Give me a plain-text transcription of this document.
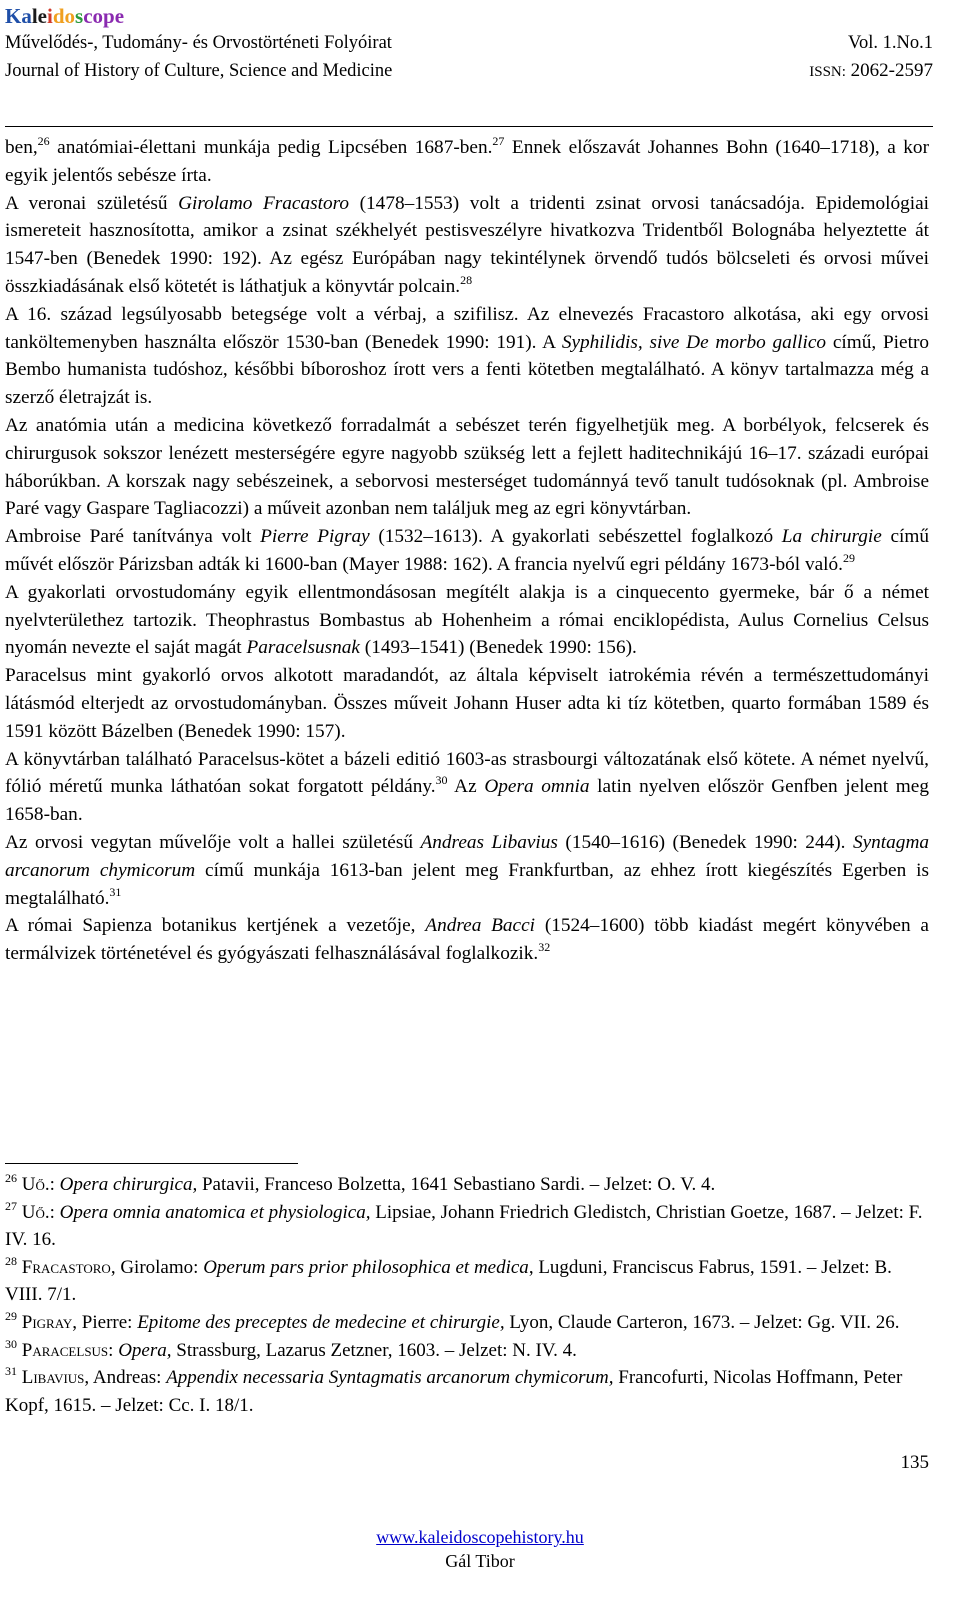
Kaleidoscope
Művelődés-, Tudomány- és Orvostörténeti Folyóirat	Vol. 1.No.1
Journal of History of Culture, Science and Medicine	ISSN: 2062-2597

ben,$^{26}$ anatómiai-élettani munkája pedig Lipcsében 1687-ben.$^{27}$ Ennek előszavát Johannes Bohn (1640–1718), a kor egyik jelentős sebésze írta.

A veronai születésű Girolamo Fracastoro (1478–1553) volt a tridenti zsinat orvosi tanácsadója. Epidemológiai ismereteit hasznosította, amikor a zsinat székhelyét pestisveszélyre hivatkozva Tridentből Bolognába helyeztette át 1547-ben (Benedek 1990: 192). Az egész Európában nagy tekintélynek örvendő tudós bölcseleti és orvosi művei összkiadásának első kötetét is láthatjuk a könyvtár polcain.$^{28}$

A 16. század legsúlyosabb betegsége volt a vérbaj, a szifilisz. Az elnevezés Fracastoro alkotása, aki egy orvosi tanköltemenyben használta először 1530-ban (Benedek 1990: 191). A Syphilidis, sive De morbo gallico című, Pietro Bembo humanista tudóshoz, későbbi bíboroshoz írott vers a fenti kötetben megtalálható. A könyv tartalmazza még a szerző életrajzát is.

Az anatómia után a medicina következő forradalmát a sebészet terén figyelhetjük meg. A borbélyok, felcserek és chirurgusok sokszor lenézett mesterségére egyre nagyobb szükség lett a fejlett haditechnikájú 16–17. századi európai háborúkban. A korszak nagy sebészeinek, a seborvosi mesterséget tudománnyá tevő tanult tudósoknak (pl. Ambroise Paré vagy Gaspare Tagliacozzi) a műveit azonban nem találjuk meg az egri könyvtárban.

Ambroise Paré tanítványa volt Pierre Pigray (1532–1613). A gyakorlati sebészettel foglalkozó La chirurgie című művét először Párizsban adták ki 1600-ban (Mayer 1988: 162). A francia nyelvű egri példány 1673-ból való.$^{29}$

A gyakorlati orvostudomány egyik ellentmondásosan megítélt alakja is a cinquecento gyermeke, bár ő a német nyelvterülethez tartozik. Theophrastus Bombastus ab Hohenheim a római enciklopédista, Aulus Cornelius Celsus nyomán nevezte el saját magát Paracelsusnak (1493–1541) (Benedek 1990: 156).

Paracelsus mint gyakorló orvos alkotott maradandót, az általa képviselt iatrokémia révén a természettudományi látásmód elterjedt az orvostudományban. Összes műveit Johann Huser adta ki tíz kötetben, quarto formában 1589 és 1591 között Bázelben (Benedek 1990: 157).

A könyvtárban található Paracelsus-kötet a bázeli editió 1603-as strasbourgi változatának első kötete. A német nyelvű, fólió méretű munka láthatóan sokat forgatott példány.$^{30}$ Az Opera omnia latin nyelven először Genfben jelent meg 1658-ban.

Az orvosi vegytan művelője volt a hallei születésű Andreas Libavius (1540–1616) (Benedek 1990: 244). Syntagma arcanorum chymicorum című munkája 1613-ban jelent meg Frankfurtban, az ehhez írott kiegészítés Egerben is megtalálható.$^{31}$

A római Sapienza botanikus kertjének a vezetője, Andrea Bacci (1524–1600) több kiadást megért könyvében a termálvizek történetével és gyógyászati felhasználásával foglalkozik.$^{32}$

$^{26}$ Uő.: Opera chirurgica, Patavii, Franceso Bolzetta, 1641 Sebastiano Sardi. – Jelzet: O. V. 4.

$^{27}$ Uő.: Opera omnia anatomica et physiologica, Lipsiae, Johann Friedrich Gledistch, Christian Goetze, 1687. – Jelzet: F. IV. 16.

$^{28}$ Fracastoro, Girolamo: Operum pars prior philosophica et medica, Lugduni, Franciscus Fabrus, 1591. – Jelzet: B. VIII. 7/1.

$^{29}$ Pigray, Pierre: Epitome des preceptes de medecine et chirurgie, Lyon, Claude Carteron, 1673. – Jelzet: Gg. VII. 26.

$^{30}$ Paracelsus: Opera, Strassburg, Lazarus Zetzner, 1603. – Jelzet: N. IV. 4.

$^{31}$ Libavius, Andreas: Appendix necessaria Syntagmatis arcanorum chymicorum, Francofurti, Nicolas Hoffmann, Peter Kopf, 1615. – Jelzet: Cc. I. 18/1.

135
www.kaleidoscopehistory.hu
Gál Tibor
